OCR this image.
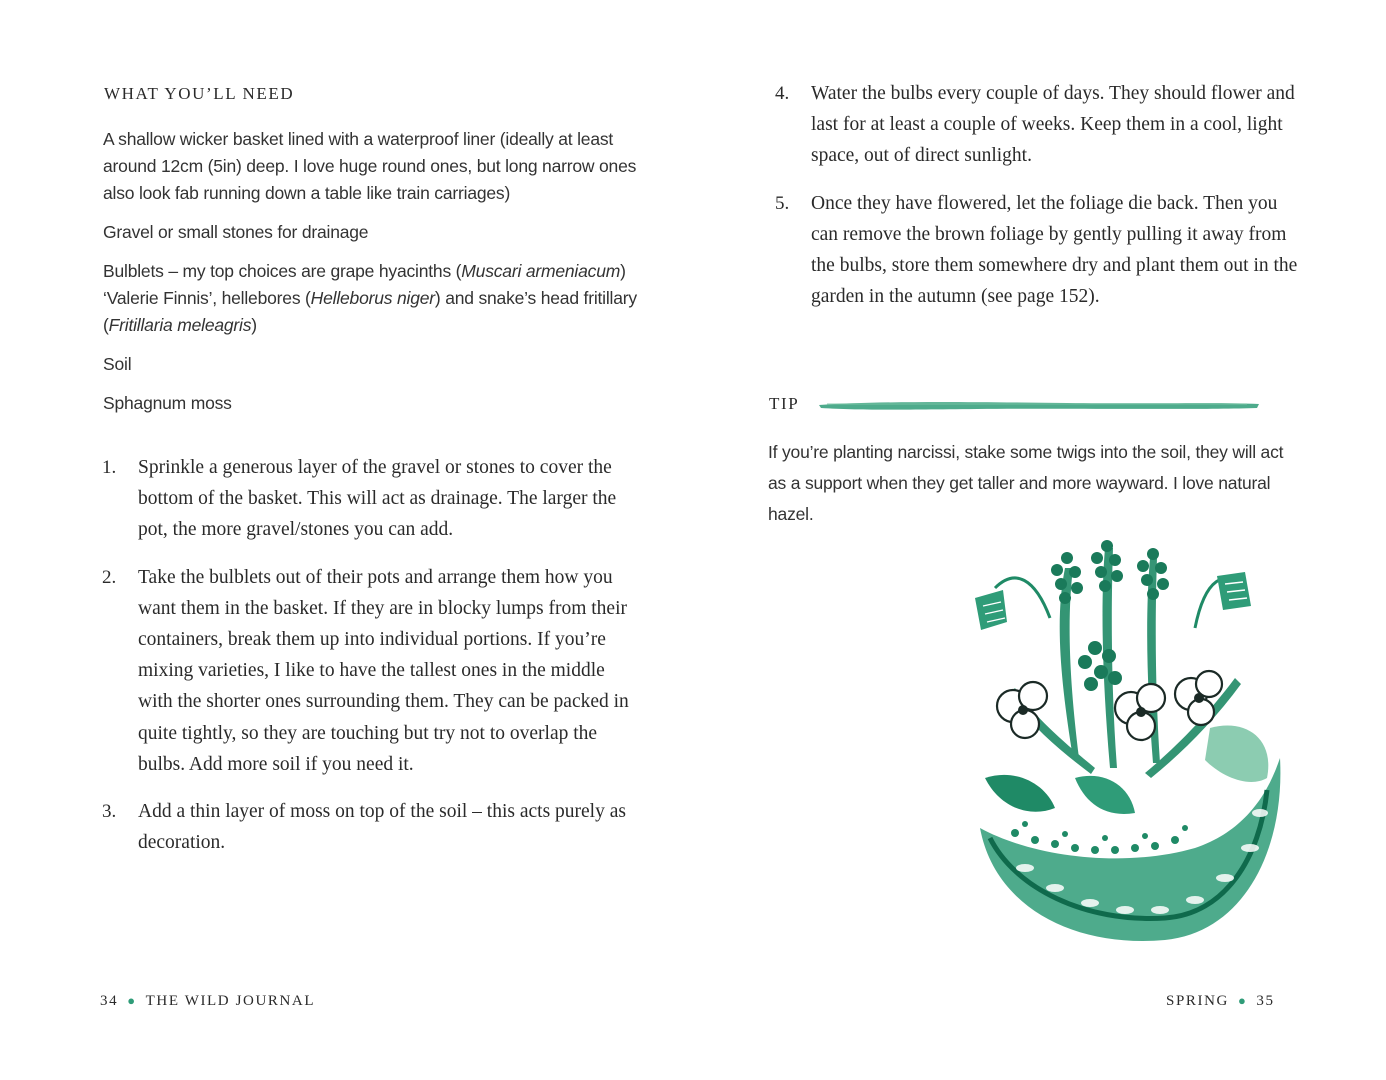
WHAT YOU’LL NEED

A shallow wicker basket lined with a waterproof liner (ideally at least around 12cm (5in) deep. I love huge round ones, but long narrow ones also look fab running down a table like train carriages)

Gravel or small stones for drainage

Bulblets – my top choices are grape hyacinths (Muscari armeniacum) ‘Valerie Finnis’, hellebores (Helleborus niger) and snake’s head fritillary (Fritillaria meleagris)

Soil

Sphagnum moss

1. Sprinkle a generous layer of the gravel or stones to cover the bottom of the basket. This will act as drainage. The larger the pot, the more gravel/stones you can add.
2. Take the bulblets out of their pots and arrange them how you want them in the basket. If they are in blocky lumps from their containers, break them up into individual portions. If you’re mixing varieties, I like to have the tallest ones in the middle with the shorter ones surrounding them. They can be packed in quite tightly, so they are touching but try not to overlap the bulbs. Add more soil if you need it.
3. Add a thin layer of moss on top of the soil – this acts purely as decoration.
34 ● THE WILD JOURNAL
4. Water the bulbs every couple of days. They should flower and last for at least a couple of weeks. Keep them in a cool, light space, out of direct sunlight.
5. Once they have flowered, let the foliage die back. Then you can remove the brown foliage by gently pulling it away from the bulbs, store them somewhere dry and plant them out in the garden in the autumn (see page 152).
TIP
If you’re planting narcissi, stake some twigs into the soil, they will act as a support when they get taller and more wayward. I love natural hazel.
SPRING ● 35
